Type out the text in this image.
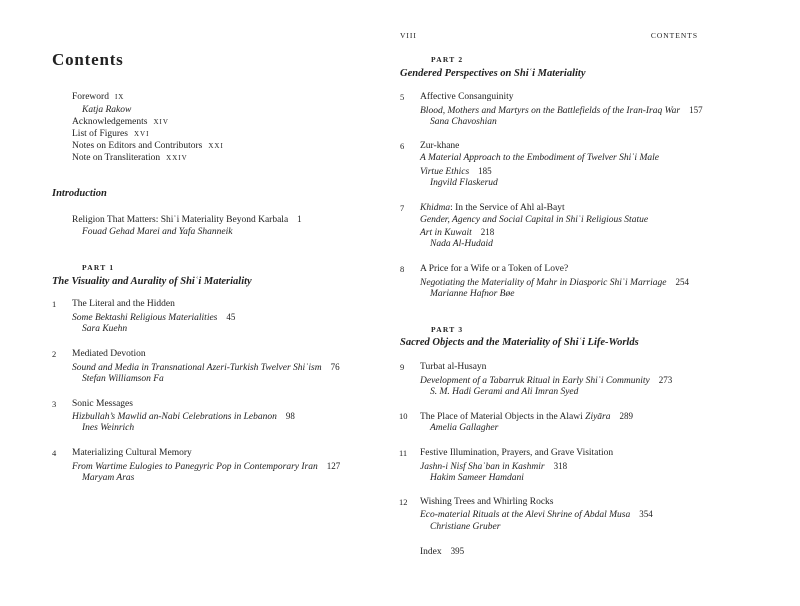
Contents
Foreword IX
Katja Rakow
Acknowledgements XIV
List of Figures XVI
Notes on Editors and Contributors XXI
Note on Transliteration XXIV
Introduction
Religion That Matters: Shiʿi Materiality Beyond Karbala 1
Fouad Gehad Marei and Yafa Shanneik
PART 1
The Visuality and Aurality of Shiʿi Materiality
1 The Literal and the Hidden
Some Bektashi Religious Materialities 45
Sara Kuehn
2 Mediated Devotion
Sound and Media in Transnational Azeri-Turkish Twelver Shiʿism 76
Stefan Williamson Fa
3 Sonic Messages
Hizbullah’s Mawlid an-Nabi Celebrations in Lebanon 98
Ines Weinrich
4 Materializing Cultural Memory
From Wartime Eulogies to Panegyric Pop in Contemporary Iran 127
Maryam Aras
VIII	CONTENTS
PART 2
Gendered Perspectives on Shiʿi Materiality
5 Affective Consanguinity
Blood, Mothers and Martyrs on the Battlefields of the Iran-Iraq War 157
Sana Chavoshian
6 Zur-khane
A Material Approach to the Embodiment of Twelver Shiʿi Male
Virtue Ethics 185
Ingvild Flaskerud
7 Khidma: In the Service of Ahl al-Bayt
Gender, Agency and Social Capital in Shiʿi Religious Statue
Art in Kuwait 218
Nada Al-Hudaid
8 A Price for a Wife or a Token of Love?
Negotiating the Materiality of Mahr in Diasporic Shiʿi Marriage 254
Marianne Hafnor Bøe
PART 3
Sacred Objects and the Materiality of Shiʿi Life-Worlds
9 Turbat al-Husayn
Development of a Tabarruk Ritual in Early Shiʿi Community 273
S. M. Hadi Gerami and Ali Imran Syed
10 The Place of Material Objects in the Alawi Ziyāra 289
Amelia Gallagher
11 Festive Illumination, Prayers, and Grave Visitation
Jashn-i Nisf Shaʿban in Kashmir 318
Hakim Sameer Hamdani
12 Wishing Trees and Whirling Rocks
Eco-material Rituals at the Alevi Shrine of Abdal Musa 354
Christiane Gruber
Index 395
